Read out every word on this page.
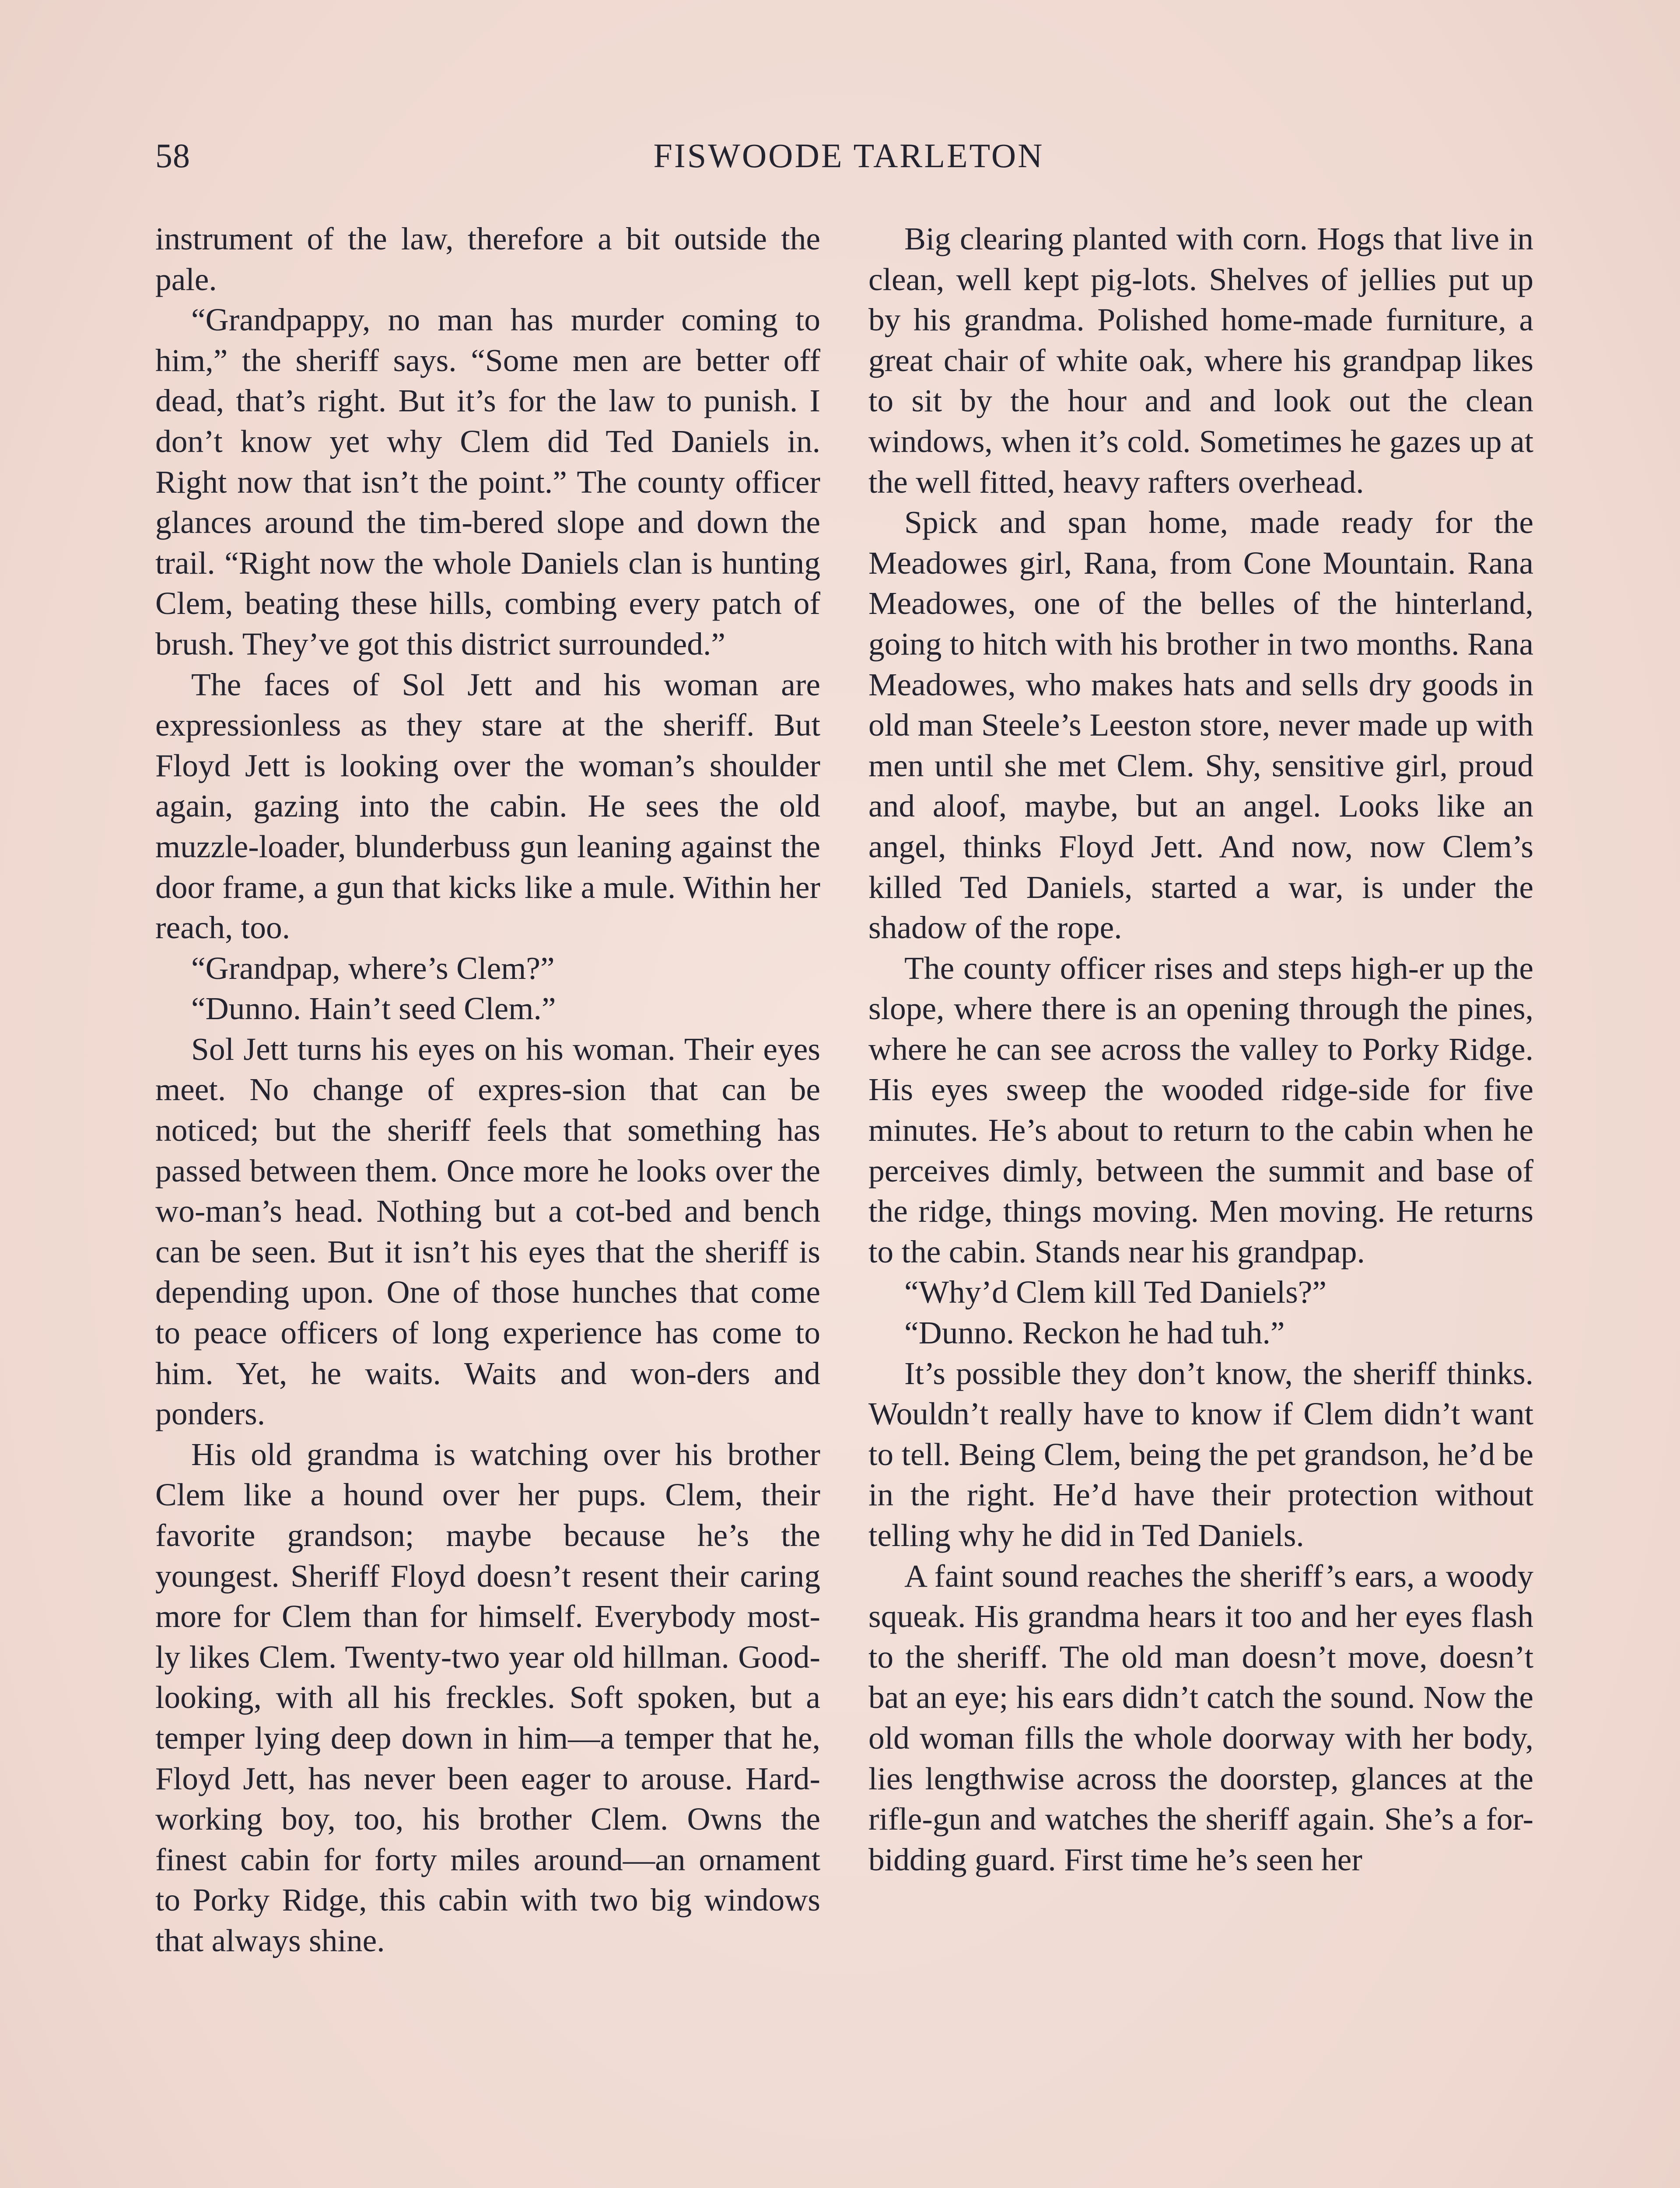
58	FISWOODE TARLETON

instrument of the law, therefore a bit outside the pale.

“Grandpappy, no man has murder coming to him,” the sheriff says. “Some men are better off dead, that’s right. But it’s for the law to punish. I don’t know yet why Clem did Ted Daniels in. Right now that isn’t the point.” The county officer glances around the tim-bered slope and down the trail. “Right now the whole Daniels clan is hunting Clem, beating these hills, combing every patch of brush. They’ve got this district surrounded.”

The faces of Sol Jett and his woman are expressionless as they stare at the sheriff. But Floyd Jett is looking over the woman’s shoulder again, gazing into the cabin. He sees the old muzzle-loader, blunderbuss gun leaning against the door frame, a gun that kicks like a mule. Within her reach, too.

“Grandpap, where’s Clem?”

“Dunno. Hain’t seed Clem.”

Sol Jett turns his eyes on his woman. Their eyes meet. No change of expres-sion that can be noticed; but the sheriff feels that something has passed between them. Once more he looks over the wo-man’s head. Nothing but a cot-bed and bench can be seen. But it isn’t his eyes that the sheriff is depending upon. One of those hunches that come to peace officers of long experience has come to him. Yet, he waits. Waits and won-ders and ponders.

His old grandma is watching over his brother Clem like a hound over her pups. Clem, their favorite grandson; maybe because he’s the youngest. Sheriff Floyd doesn’t resent their caring more for Clem than for himself. Everybody most-ly likes Clem. Twenty-two year old hillman. Good-looking, with all his freckles. Soft spoken, but a temper lying deep down in him—a temper that he, Floyd Jett, has never been eager to arouse. Hard-working boy, too, his brother Clem. Owns the finest cabin for forty miles around—an ornament to Porky Ridge, this cabin with two big windows that always shine.

Big clearing planted with corn. Hogs that live in clean, well kept pig-lots. Shelves of jellies put up by his grandma. Polished home-made furniture, a great chair of white oak, where his grandpap likes to sit by the hour and and look out the clean windows, when it’s cold. Sometimes he gazes up at the well fitted, heavy rafters overhead.

Spick and span home, made ready for the Meadowes girl, Rana, from Cone Mountain. Rana Meadowes, one of the belles of the hinterland, going to hitch with his brother in two months. Rana Meadowes, who makes hats and sells dry goods in old man Steele’s Leeston store, never made up with men until she met Clem. Shy, sensitive girl, proud and aloof, maybe, but an angel. Looks like an angel, thinks Floyd Jett. And now, now Clem’s killed Ted Daniels, started a war, is under the shadow of the rope.

The county officer rises and steps high-er up the slope, where there is an opening through the pines, where he can see across the valley to Porky Ridge. His eyes sweep the wooded ridge-side for five minutes. He’s about to return to the cabin when he perceives dimly, between the summit and base of the ridge, things moving. Men moving. He returns to the cabin. Stands near his grandpap.

“Why’d Clem kill Ted Daniels?”

“Dunno. Reckon he had tuh.”

It’s possible they don’t know, the sheriff thinks. Wouldn’t really have to know if Clem didn’t want to tell. Being Clem, being the pet grandson, he’d be in the right. He’d have their protection without telling why he did in Ted Daniels.

A faint sound reaches the sheriff’s ears, a woody squeak. His grandma hears it too and her eyes flash to the sheriff. The old man doesn’t move, doesn’t bat an eye; his ears didn’t catch the sound. Now the old woman fills the whole doorway with her body, lies lengthwise across the doorstep, glances at the rifle-gun and watches the sheriff again. She’s a for-bidding guard. First time he’s seen her
